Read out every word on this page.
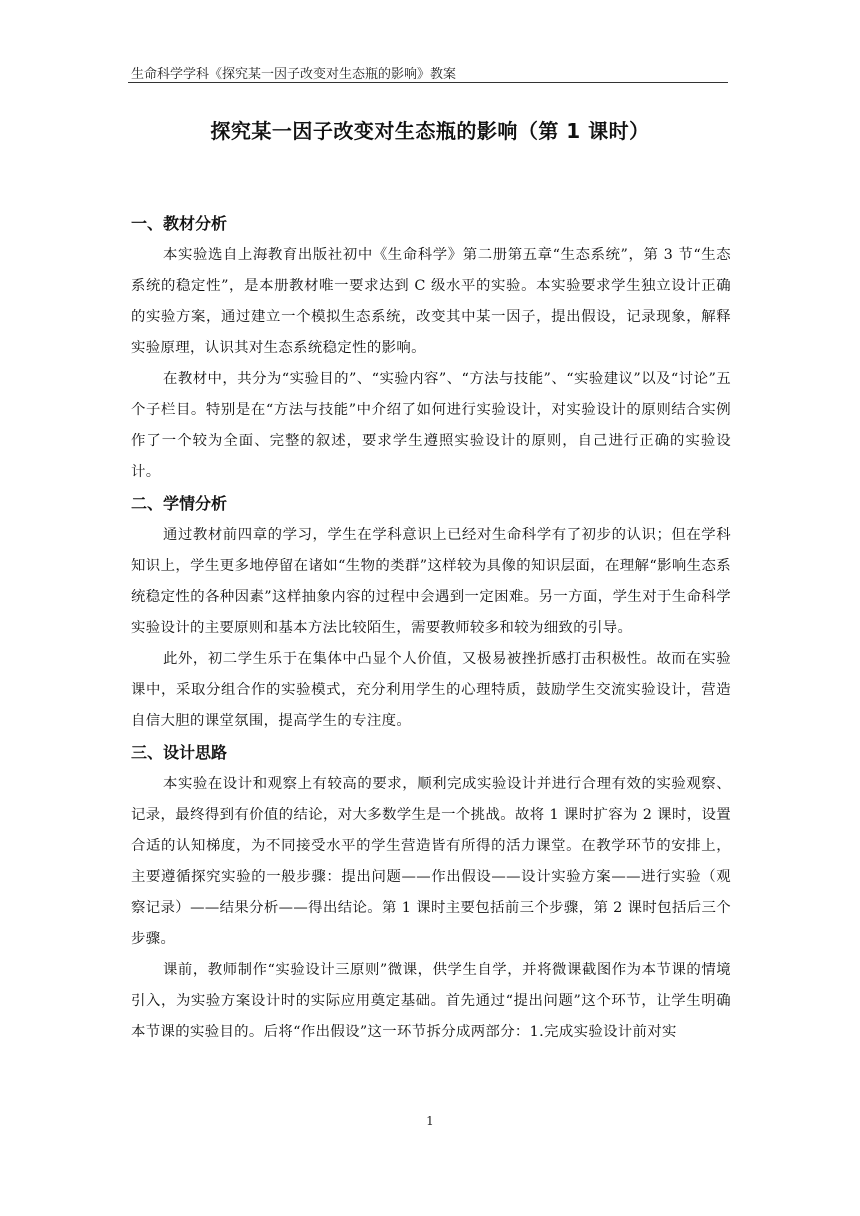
生命科学学科《探究某一因子改变对生态瓶的影响》教案
探究某一因子改变对生态瓶的影响（第 1 课时）
一、教材分析

本实验选自上海教育出版社初中《生命科学》第二册第五章“生态系统”，第 3 节“生态系统的稳定性”，是本册教材唯一要求达到 C 级水平的实验。本实验要求学生独立设计正确的实验方案，通过建立一个模拟生态系统，改变其中某一因子，提出假设，记录现象，解释实验原理，认识其对生态系统稳定性的影响。

在教材中，共分为“实验目的”、“实验内容”、“方法与技能”、“实验建议”以及“讨论”五个子栏目。特别是在“方法与技能”中介绍了如何进行实验设计，对实验设计的原则结合实例作了一个较为全面、完整的叙述，要求学生遵照实验设计的原则，自己进行正确的实验设计。

二、学情分析

通过教材前四章的学习，学生在学科意识上已经对生命科学有了初步的认识；但在学科知识上，学生更多地停留在诸如“生物的类群”这样较为具像的知识层面，在理解“影响生态系统稳定性的各种因素”这样抽象内容的过程中会遇到一定困难。另一方面，学生对于生命科学实验设计的主要原则和基本方法比较陌生，需要教师较多和较为细致的引导。

此外，初二学生乐于在集体中凸显个人价值，又极易被挫折感打击积极性。故而在实验课中，采取分组合作的实验模式，充分利用学生的心理特质，鼓励学生交流实验设计，营造自信大胆的课堂氛围，提高学生的专注度。

三、设计思路

本实验在设计和观察上有较高的要求，顺利完成实验设计并进行合理有效的实验观察、记录，最终得到有价值的结论，对大多数学生是一个挑战。故将 1 课时扩容为 2 课时，设置合适的认知梯度，为不同接受水平的学生营造皆有所得的活力课堂。在教学环节的安排上，主要遵循探究实验的一般步骤：提出问题——作出假设——设计实验方案——进行实验（观察记录）——结果分析——得出结论。第 1 课时主要包括前三个步骤，第 2 课时包括后三个步骤。

课前，教师制作“实验设计三原则”微课，供学生自学，并将微课截图作为本节课的情境引入，为实验方案设计时的实际应用奠定基础。首先通过“提出问题”这个环节，让学生明确本节课的实验目的。后将“作出假设”这一环节拆分成两部分：1.完成实验设计前对实

1
